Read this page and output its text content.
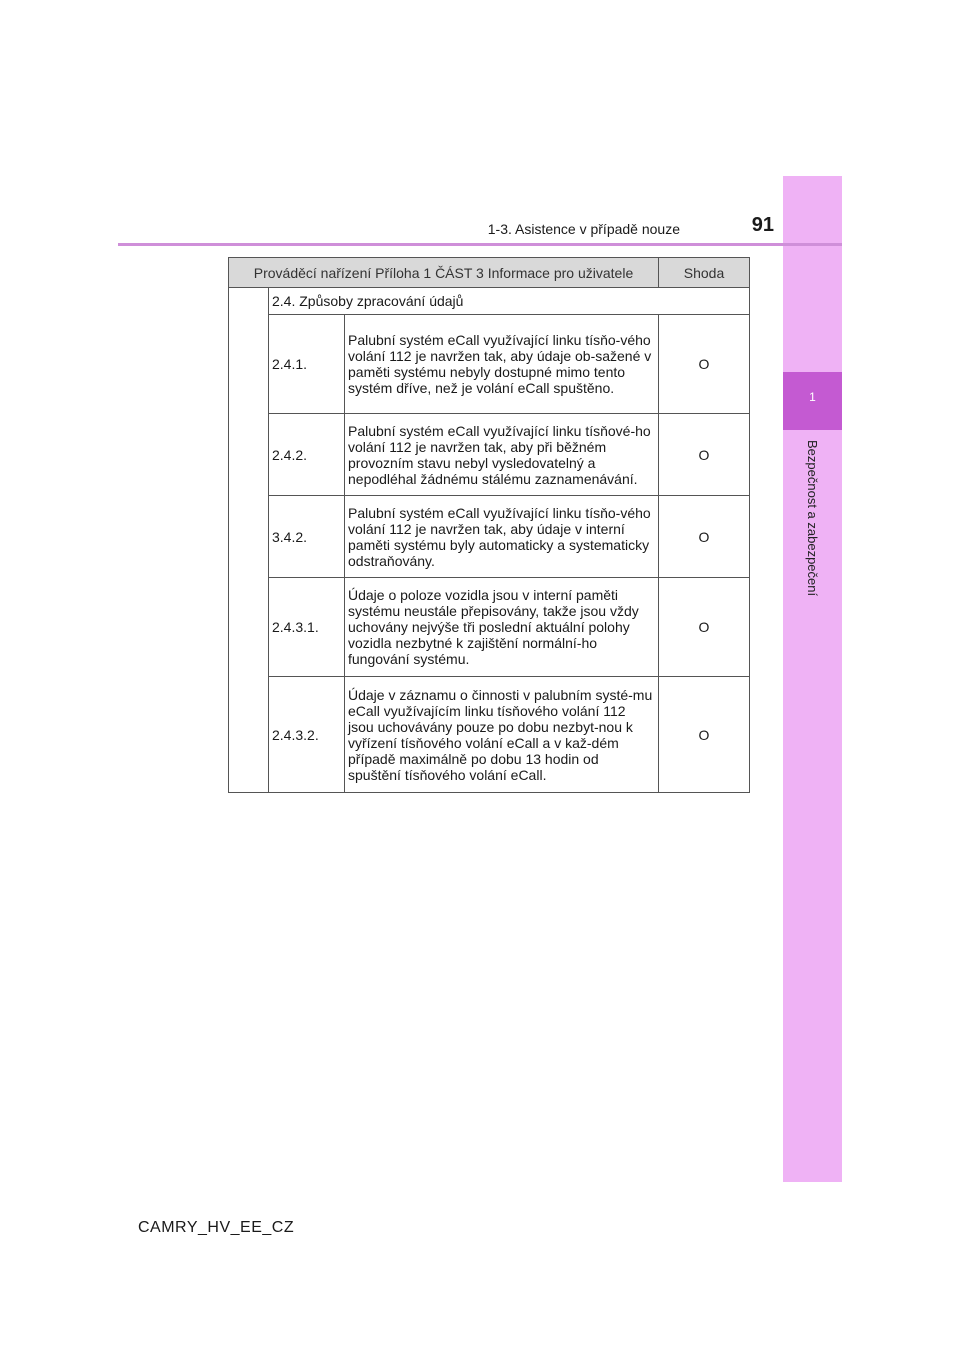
1
Bezpečnost a zabezpečení
1-3. Asistence v případě nouze	91
Prováděcí nařízení Příloha 1 ČÁST 3 Informace pro uživatele			Shoda
	2.4. Způsoby zpracování údajů		
	2.4.1.	Palubní systém eCall využívající linku tísňo-vého volání 112 je navržen tak, aby údaje ob-sažené v paměti systému nebyly dostupné mimo tento systém dříve, než je volání eCall spuštěno.	O
	2.4.2.	Palubní systém eCall využívající linku tísňové-ho volání 112 je navržen tak, aby při běžném provozním stavu nebyl vysledovatelný a nepodléhal žádnému stálému zaznamenávání.	O
	3.4.2.	Palubní systém eCall využívající linku tísňo-vého volání 112 je navržen tak, aby údaje v interní paměti systému byly automaticky a systematicky odstraňovány.	O
	2.4.3.1.	Údaje o poloze vozidla jsou v interní paměti systému neustále přepisovány, takže jsou vždy uchovány nejvýše tři poslední aktuální polohy vozidla nezbytné k zajištění normální-ho fungování systému.	O
	2.4.3.2.	Údaje v záznamu o činnosti v palubním systé-mu eCall využívajícím linku tísňového volání 112 jsou uchovávány pouze po dobu nezbyt-nou k vyřízení tísňového volání eCall a v kaž-dém případě maximálně po dobu 13 hodin od spuštění tísňového volání eCall.	O
CAMRY_HV_EE_CZ
